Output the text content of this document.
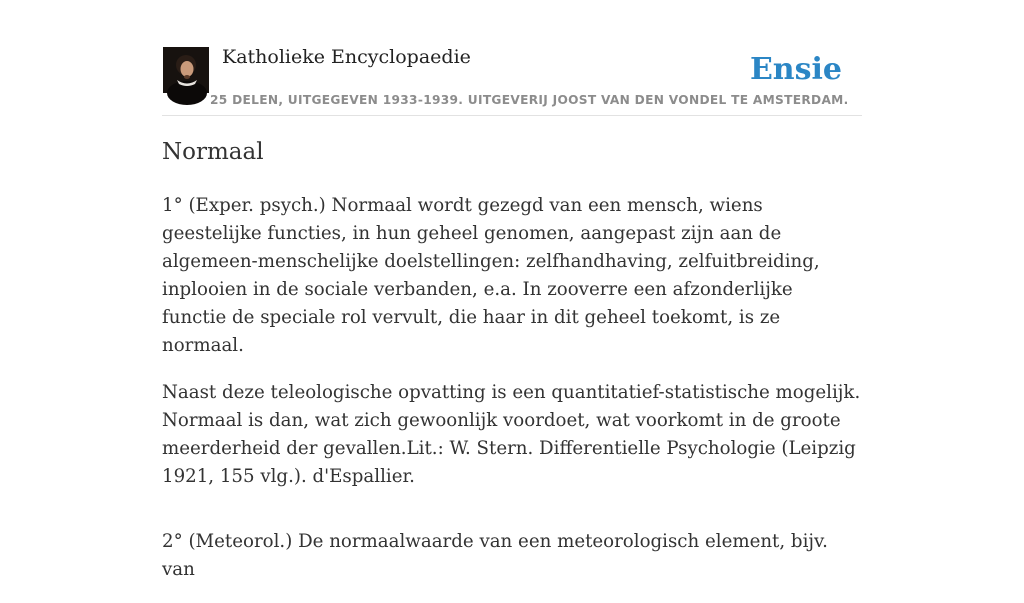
Katholieke Encyclopaedie	Ensie
25 DELEN, UITGEGEVEN 1933-1939. UITGEVERIJ JOOST VAN DEN VONDEL TE AMSTERDAM.
Normaal

1° (Exper. psych.) Normaal wordt gezegd van een mensch, wiens geestelijke functies, in hun geheel genomen, aangepast zijn aan de algemeen-menschelijke doelstellingen: zelfhandhaving, zelfuitbreiding, inplooien in de sociale verbanden, e.a. In zooverre een afzonderlijke functie de speciale rol vervult, die haar in dit geheel toekomt, is ze normaal.

Naast deze teleologische opvatting is een quantitatief-statistische mogelijk. Normaal is dan, wat zich gewoonlijk voordoet, wat voorkomt in de groote meerderheid der gevallen.Lit.: W. Stern. Differentielle Psychologie (Leipzig 1921, 155 vlg.). d'Espallier.

2° (Meteorol.) De normaalwaarde van een meteorologisch element, bijv. van
